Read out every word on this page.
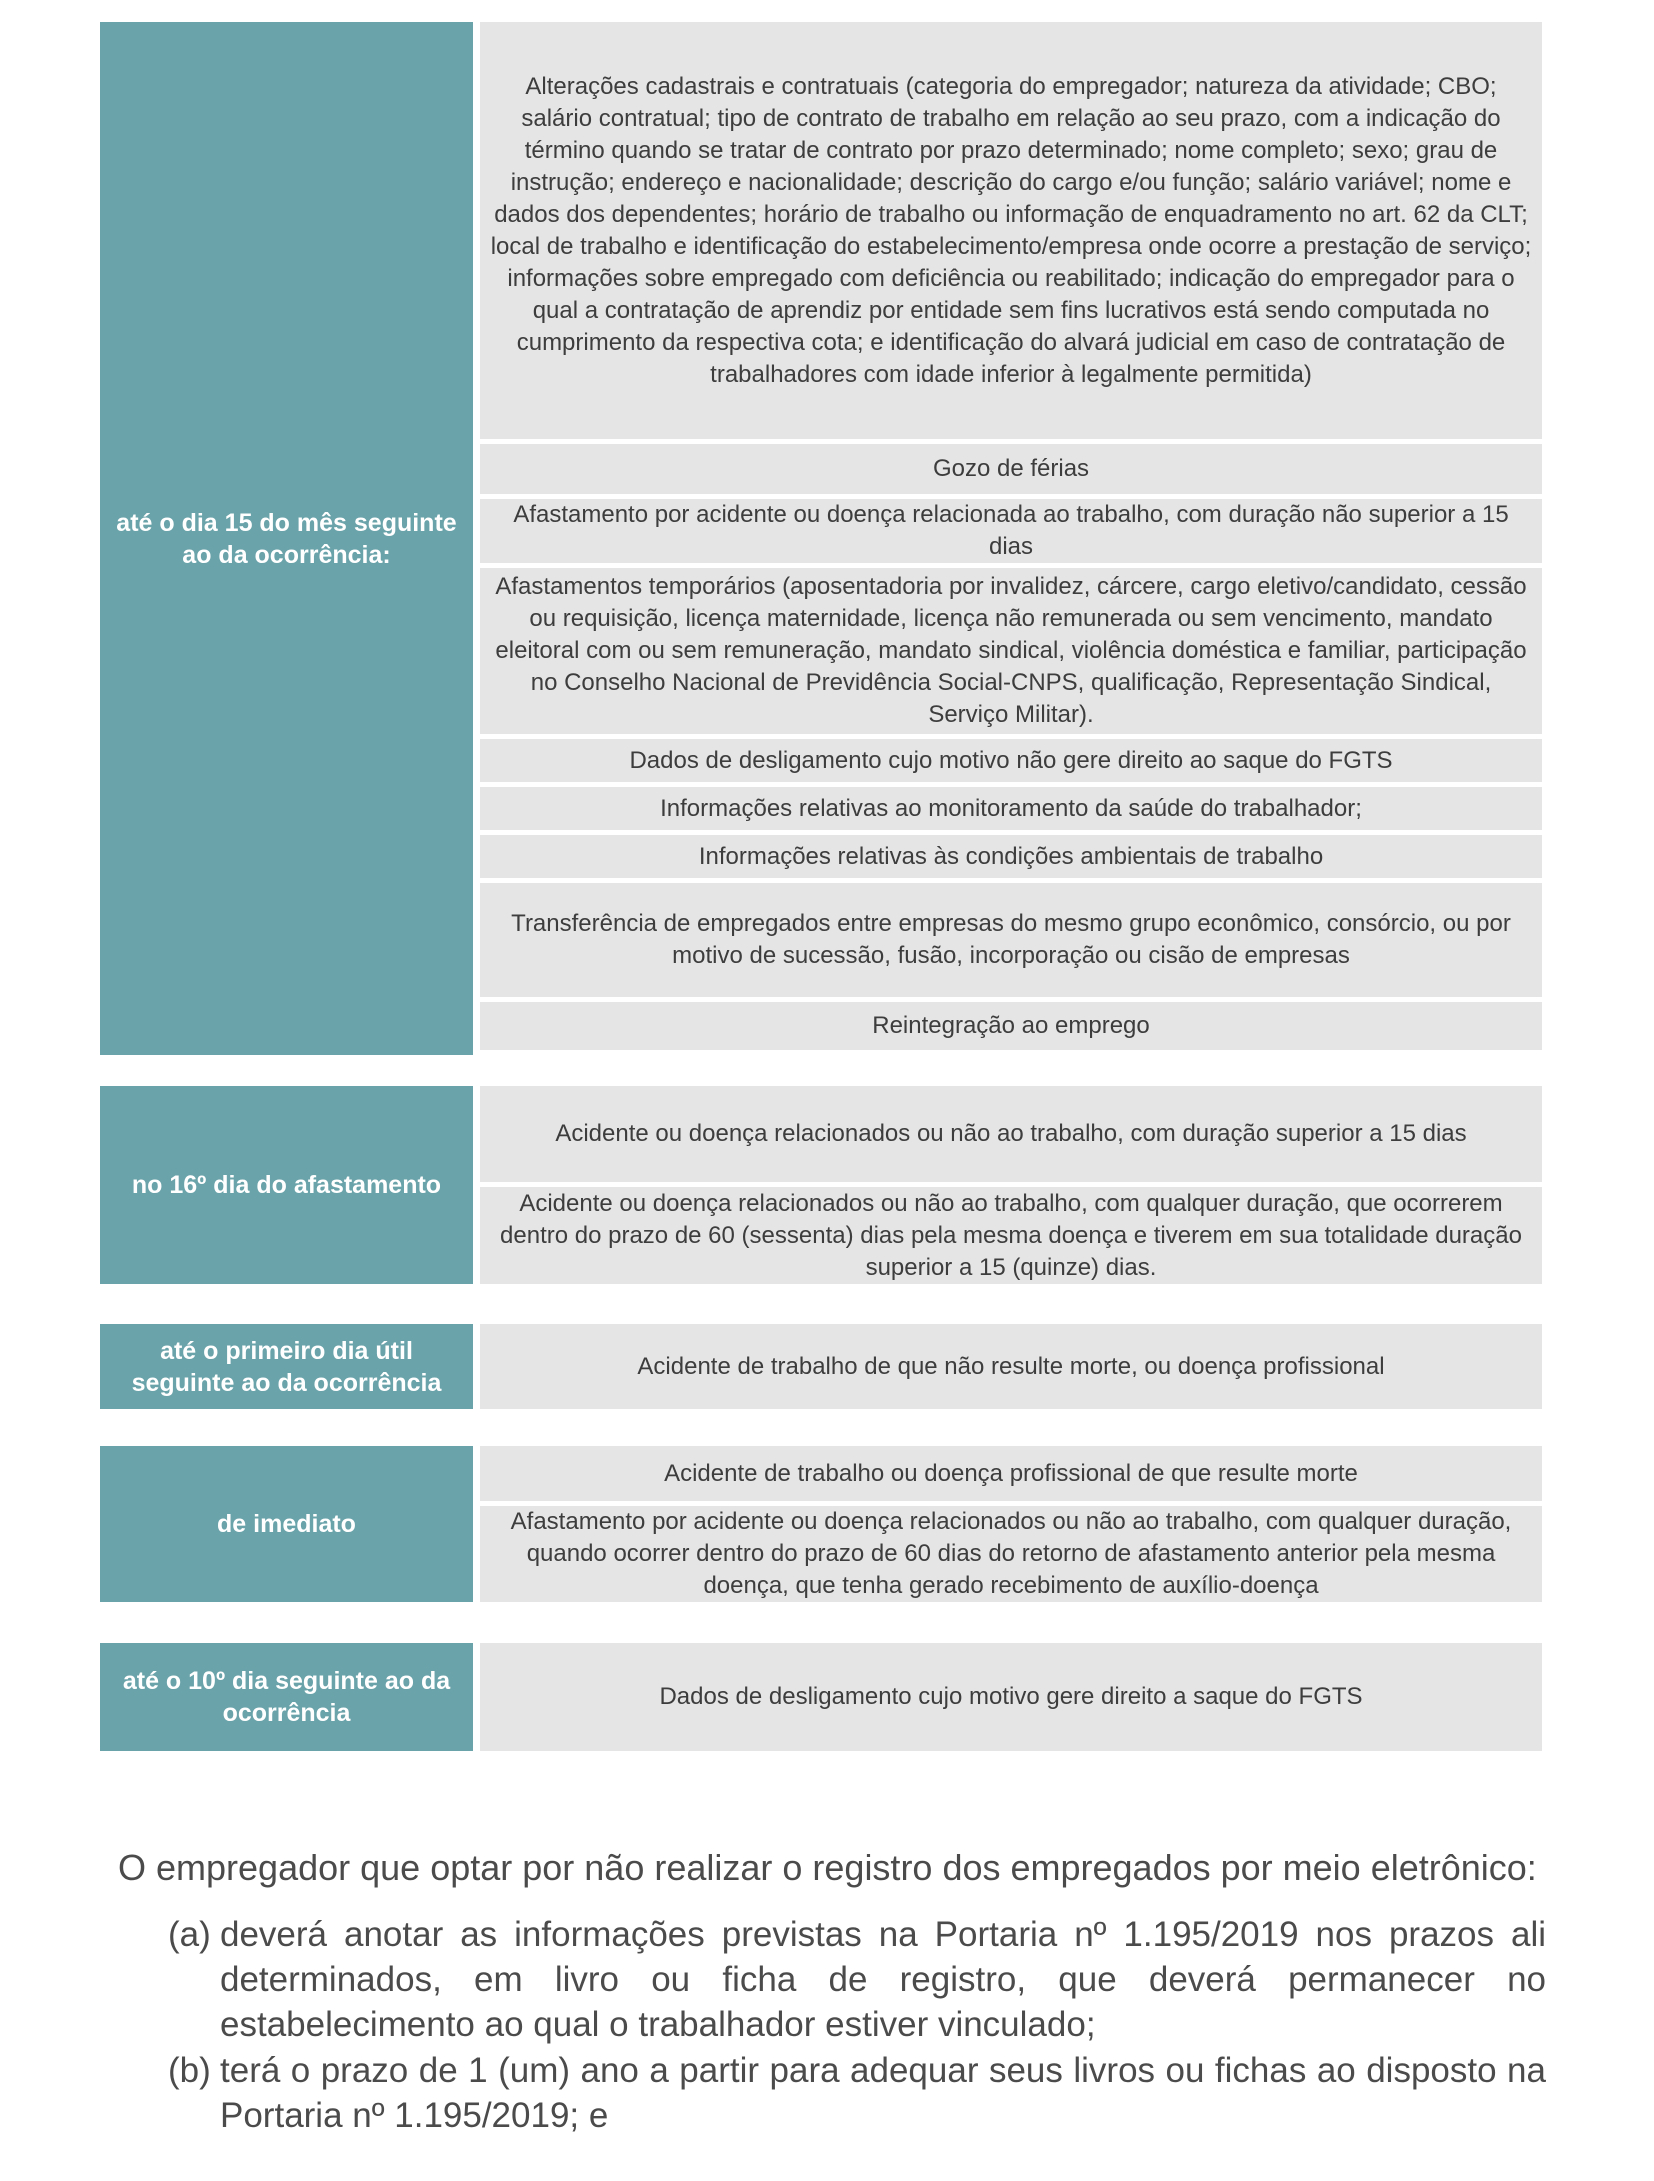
até o dia 15 do mês seguinte ao da ocorrência:
Alterações cadastrais e contratuais (categoria do empregador; natureza da atividade; CBO; salário contratual; tipo de contrato de trabalho em relação ao seu prazo, com a indicação do término quando se tratar de contrato por prazo determinado; nome completo; sexo; grau de instrução; endereço e nacionalidade; descrição do cargo e/ou função; salário variável; nome e dados dos dependentes; horário de trabalho ou informação de enquadramento no art. 62 da CLT; local de trabalho e identificação do estabelecimento/empresa onde ocorre a prestação de serviço; informações sobre empregado com deficiência ou reabilitado; indicação do empregador para o qual a contratação de aprendiz por entidade sem fins lucrativos está sendo computada no cumprimento da respectiva cota; e identificação do alvará judicial em caso de contratação de trabalhadores com idade inferior à legalmente permitida)
Gozo de férias
Afastamento por acidente ou doença relacionada ao trabalho, com duração não superior a 15 dias
Afastamentos temporários (aposentadoria por invalidez, cárcere, cargo eletivo/candidato, cessão ou requisição, licença maternidade, licença não remunerada ou sem vencimento, mandato eleitoral com ou sem remuneração, mandato sindical, violência doméstica e familiar, participação no Conselho Nacional de Previdência Social-CNPS, qualificação, Representação Sindical, Serviço Militar).
Dados de desligamento cujo motivo não gere direito ao saque do FGTS
Informações relativas ao monitoramento da saúde do trabalhador;
Informações relativas às condições ambientais de trabalho
Transferência de empregados entre empresas do mesmo grupo econômico, consórcio, ou por motivo de sucessão, fusão, incorporação ou cisão de empresas
Reintegração ao emprego
no 16º dia do afastamento
Acidente ou doença relacionados ou não ao trabalho, com duração superior a 15 dias
Acidente ou doença relacionados ou não ao trabalho, com qualquer duração, que ocorrerem dentro do prazo de 60 (sessenta) dias pela mesma doença e tiverem em sua totalidade duração superior a 15 (quinze) dias.
até o primeiro dia útil seguinte ao da ocorrência
Acidente de trabalho de que não resulte morte, ou doença profissional
de imediato
Acidente de trabalho ou doença profissional de que resulte morte
Afastamento por acidente ou doença relacionados ou não ao trabalho, com qualquer duração, quando ocorrer dentro do prazo de 60 dias do retorno de afastamento anterior pela mesma doença, que tenha gerado recebimento de auxílio-doença
até o 10º dia seguinte ao da ocorrência
Dados de desligamento cujo motivo gere direito a saque do FGTS

O empregador que optar por não realizar o registro dos empregados por meio eletrônico:

(a) deverá anotar as informações previstas na Portaria nº 1.195/2019 nos prazos ali determinados, em livro ou ficha de registro, que deverá permanecer no estabelecimento ao qual o trabalhador estiver vinculado;
(b) terá o prazo de 1 (um) ano a partir para adequar seus livros ou fichas ao disposto na Portaria nº 1.195/2019; e
